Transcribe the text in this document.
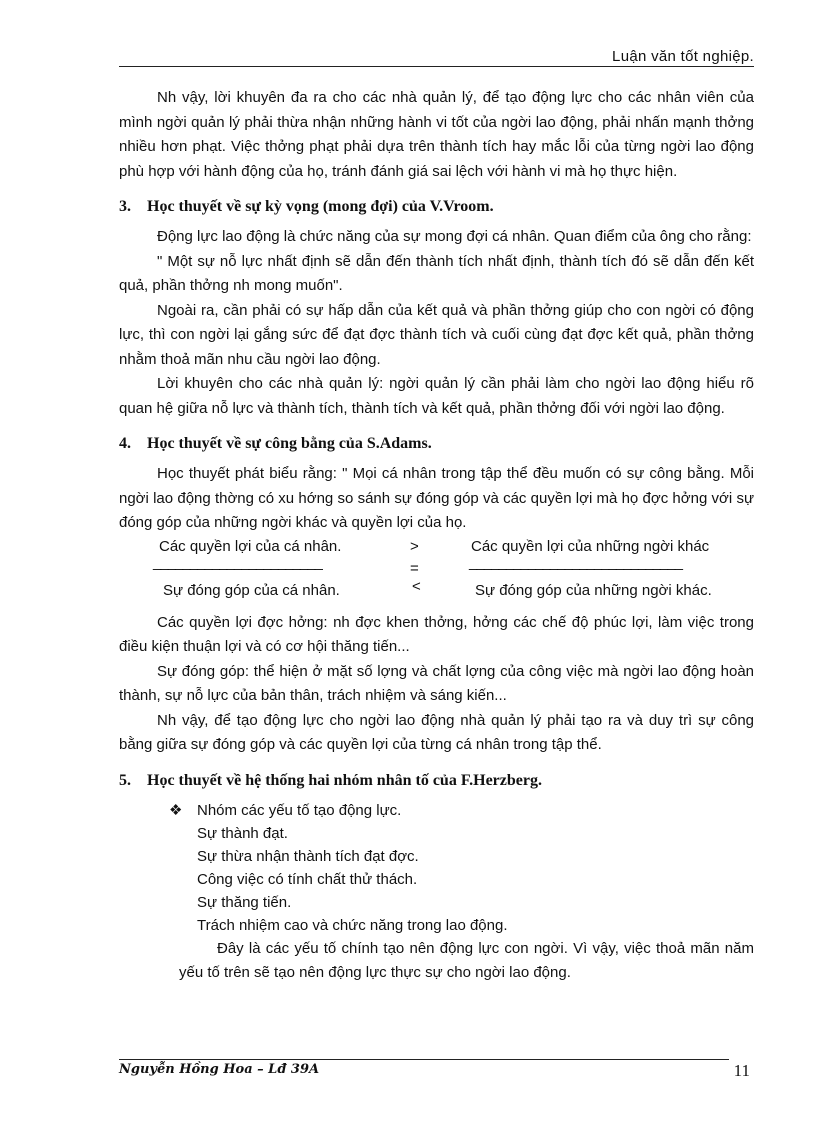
Luận văn tốt nghiệp.

Nh vậy, lời khuyên đa ra cho các nhà quản lý, để tạo động lực cho các nhân viên của mình ngời quản lý phải thừa nhận những hành vi tốt của ngời lao động, phải nhấn mạnh thởng nhiều hơn phạt. Việc thởng phạt phải dựa trên thành tích hay mắc lỗi của từng ngời lao động phù hợp với hành động của họ, tránh đánh giá sai lệch với hành vi mà họ thực hiện.

3. Học thuyết về sự kỳ vọng (mong đợi) của V.Vroom.

Động lực lao động là chức năng của sự mong đợi cá nhân. Quan điểm của ông cho rằng:

" Một sự nỗ lực nhất định sẽ dẫn đến thành tích nhất định, thành tích đó sẽ dẫn đến kết quả, phần thởng nh mong muốn".

Ngoài ra, cần phải có sự hấp dẫn của kết quả và phần thởng giúp cho con ngời có động lực, thì con ngời lại gắng sức để đạt đợc thành tích và cuối cùng đạt đợc kết quả, phần thởng nhằm thoả mãn nhu cầu ngời lao động.

Lời khuyên cho các nhà quản lý: ngời quản lý cần phải làm cho ngời lao động hiểu rõ quan hệ giữa nỗ lực và thành tích, thành tích và kết quả, phần thởng đối với ngời lao động.

4. Học thuyết về sự công bằng của S.Adams.

Học thuyết phát biểu rằng: " Mọi cá nhân trong tập thể đều muốn có sự công bằng. Mỗi ngời lao động thờng có xu hớng so sánh sự đóng góp và các quyền lợi mà họ đợc hởng với sự đóng góp của những ngời khác và quyền lợi của họ.

Các quyền lợi của cá nhân.	>	Các quyền lợi của những ngời khác
_______________________	=	_____________________________
Sự đóng góp của cá nhân.	<	Sự đóng góp của những ngời khác.

Các quyền lợi đợc hởng: nh đợc khen thởng, hởng các chế độ phúc lợi, làm việc trong điều kiện thuận lợi và có cơ hội thăng tiến...

Sự đóng góp: thể hiện ở mặt số lợng và chất lợng của công việc mà ngời lao động hoàn thành, sự nỗ lực của bản thân, trách nhiệm và sáng kiến...

Nh vậy, để tạo động lực cho ngời lao động nhà quản lý phải tạo ra và duy trì sự công bằng giữa sự đóng góp và các quyền lợi của từng cá nhân trong tập thể.

5. Học thuyết về hệ thống hai nhóm nhân tố của F.Herzberg.
❖ Nhóm các yếu tố tạo động lực.
Sự thành đạt.
Sự thừa nhận thành tích đạt đợc.
Công việc có tính chất thử thách.
Sự thăng tiến.
Trách nhiệm cao và chức năng trong lao động.

Đây là các yếu tố chính tạo nên động lực con ngời. Vì vậy, việc thoả mãn năm yếu tố trên sẽ tạo nên động lực thực sự cho ngời lao động.

Nguyễn Hồng Hoa – Lđ 39A	11
